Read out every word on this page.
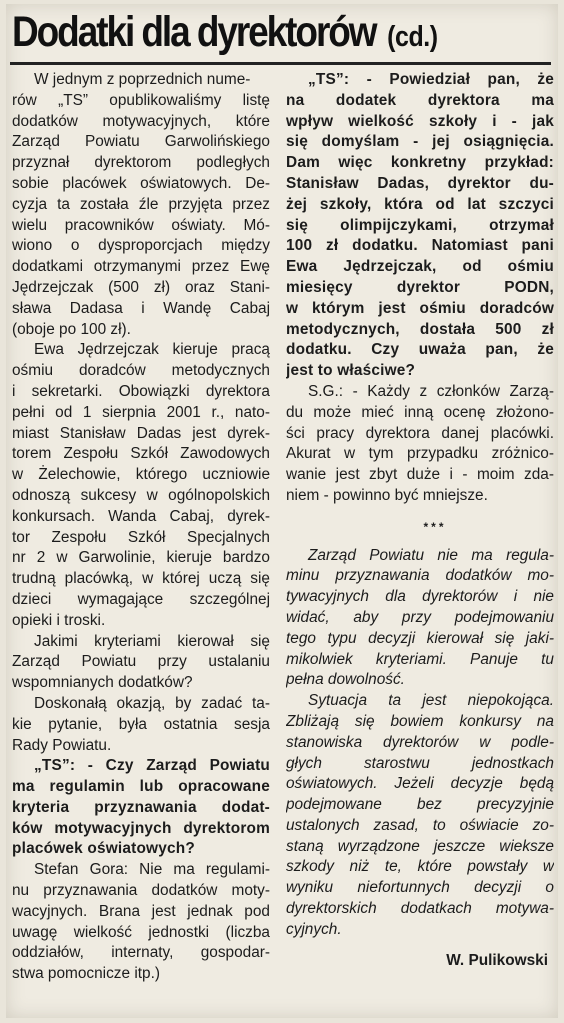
Dodatki dla dyrektorów (cd.)
W jednym z poprzednich nume-
rów „TS” opublikowaliśmy listę
dodatków motywacyjnych, które
Zarząd Powiatu Garwolińskiego
przyznał dyrektorom podległych
sobie placówek oświatowych. De-
cyzja ta została źle przyjęta przez
wielu pracowników oświaty. Mó-
wiono o dysproporcjach między
dodatkami otrzymanymi przez Ewę
Jędrzejczak (500 zł) oraz Stani-
sława Dadasa i Wandę Cabaj
(oboje po 100 zł).
Ewa Jędrzejczak kieruje pracą
ośmiu doradców metodycznych
i sekretarki. Obowiązki dyrektora
pełni od 1 sierpnia 2001 r., nato-
miast Stanisław Dadas jest dyrek-
torem Zespołu Szkół Zawodowych
w Żelechowie, którego uczniowie
odnoszą sukcesy w ogólnopolskich
konkursach. Wanda Cabaj, dyrek-
tor Zespołu Szkół Specjalnych
nr 2 w Garwolinie, kieruje bardzo
trudną placówką, w której uczą się
dzieci wymagające szczególnej
opieki i troski.
Jakimi kryteriami kierował się
Zarząd Powiatu przy ustalaniu
wspomnianych dodatków?
Doskonałą okazją, by zadać ta-
kie pytanie, była ostatnia sesja
Rady Powiatu.
„TS”: - Czy Zarząd Powiatu
ma regulamin lub opracowane
kryteria przyznawania dodat-
ków motywacyjnych dyrektorom
placówek oświatowych?
Stefan Gora: Nie ma regulami-
nu przyznawania dodatków moty-
wacyjnych. Brana jest jednak pod
uwagę wielkość jednostki (liczba
oddziałów, internaty, gospodar-
stwa pomocnicze itp.)
„TS”: - Powiedział pan, że
na dodatek dyrektora ma
wpływ wielkość szkoły i - jak
się domyślam - jej osiągnięcia.
Dam więc konkretny przykład:
Stanisław Dadas, dyrektor du-
żej szkoły, która od lat szczyci
się olimpijczykami, otrzymał
100 zł dodatku. Natomiast pani
Ewa Jędrzejczak, od ośmiu
miesięcy dyrektor PODN,
w którym jest ośmiu doradców
metodycznych, dostała 500 zł
dodatku. Czy uważa pan, że
jest to właściwe?
S.G.: - Każdy z członków Zarzą-
du może mieć inną ocenę złożono-
ści pracy dyrektora danej placówki.
Akurat w tym przypadku zróżnico-
wanie jest zbyt duże i - moim zda-
niem - powinno być mniejsze.
***
Zarząd Powiatu nie ma regula-
minu przyznawania dodatków mo-
tywacyjnych dla dyrektorów i nie
widać, aby przy podejmowaniu
tego typu decyzji kierował się jaki-
mikolwiek kryteriami. Panuje tu
pełna dowolność.
Sytuacja ta jest niepokojąca.
Zbliżają się bowiem konkursy na
stanowiska dyrektorów w podle-
głych starostwu jednostkach
oświatowych. Jeżeli decyzje będą
podejmowane bez precyzyjnie
ustalonych zasad, to oświacie zo-
staną wyrządzone jeszcze wieksze
szkody niż te, które powstały w
wyniku niefortunnych decyzji o
dyrektorskich dodatkach motywa-
cyjnych.
W. Pulikowski
